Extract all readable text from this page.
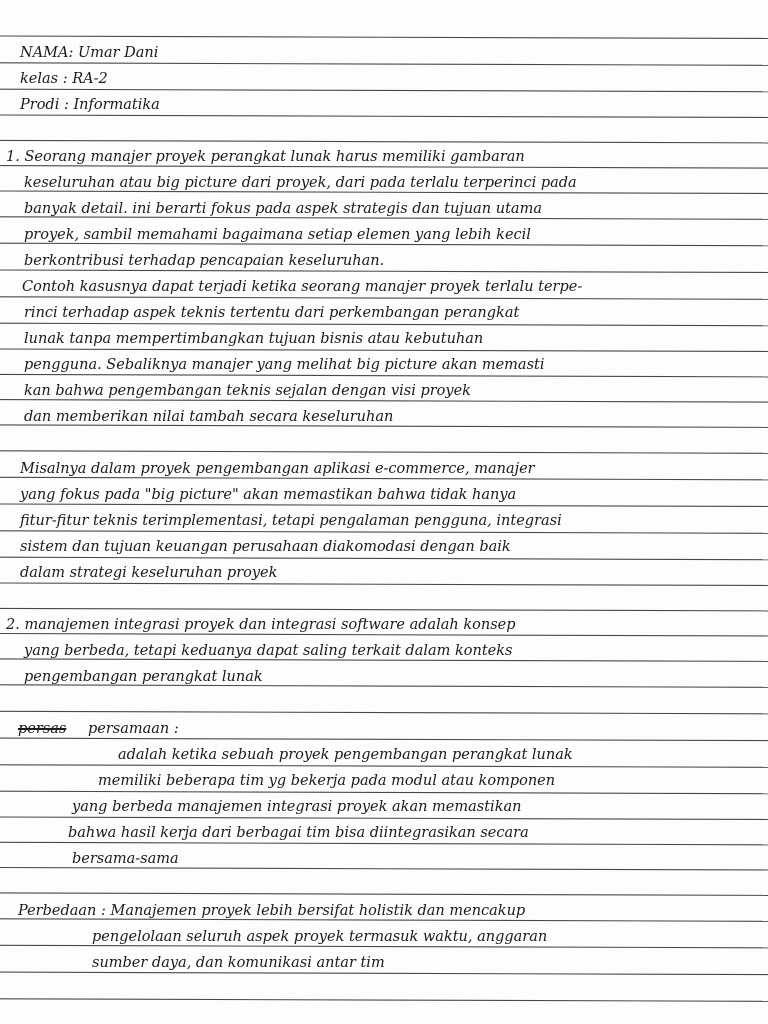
NAMA: Umar Dani
kelas : RA-2
Prodi : Informatika
1. Seorang manajer proyek perangkat lunak harus memiliki gambaran
keseluruhan atau big picture dari proyek, dari pada terlalu terperinci pada
banyak detail. ini berarti fokus pada aspek strategis dan tujuan utama
proyek, sambil memahami bagaimana setiap elemen yang lebih kecil
berkontribusi terhadap pencapaian keseluruhan.
Contoh kasusnya dapat terjadi ketika seorang manajer proyek terlalu terpe-
rinci terhadap aspek teknis tertentu dari perkembangan perangkat
lunak tanpa mempertimbangkan tujuan bisnis atau kebutuhan
pengguna. Sebaliknya manajer yang melihat big picture akan memasti
kan bahwa pengembangan teknis sejalan dengan visi proyek
dan memberikan nilai tambah secara keseluruhan
Misalnya dalam proyek pengembangan aplikasi e-commerce, manajer
yang fokus pada "big picture" akan memastikan bahwa tidak hanya
fitur-fitur teknis terimplementasi, tetapi pengalaman pengguna, integrasi
sistem dan tujuan keuangan perusahaan diakomodasi dengan baik
dalam strategi keseluruhan proyek
2. manajemen integrasi proyek dan integrasi software adalah konsep
yang berbeda, tetapi keduanya dapat saling terkait dalam konteks
pengembangan perangkat lunak
persas persamaan :
adalah ketika sebuah proyek pengembangan perangkat lunak
memiliki beberapa tim yg bekerja pada modul atau komponen
yang berbeda manajemen integrasi proyek akan memastikan
bahwa hasil kerja dari berbagai tim bisa diintegrasikan secara
bersama-sama
Perbedaan : Manajemen proyek lebih bersifat holistik dan mencakup
pengelolaan seluruh aspek proyek termasuk waktu, anggaran
sumber daya, dan komunikasi antar tim
